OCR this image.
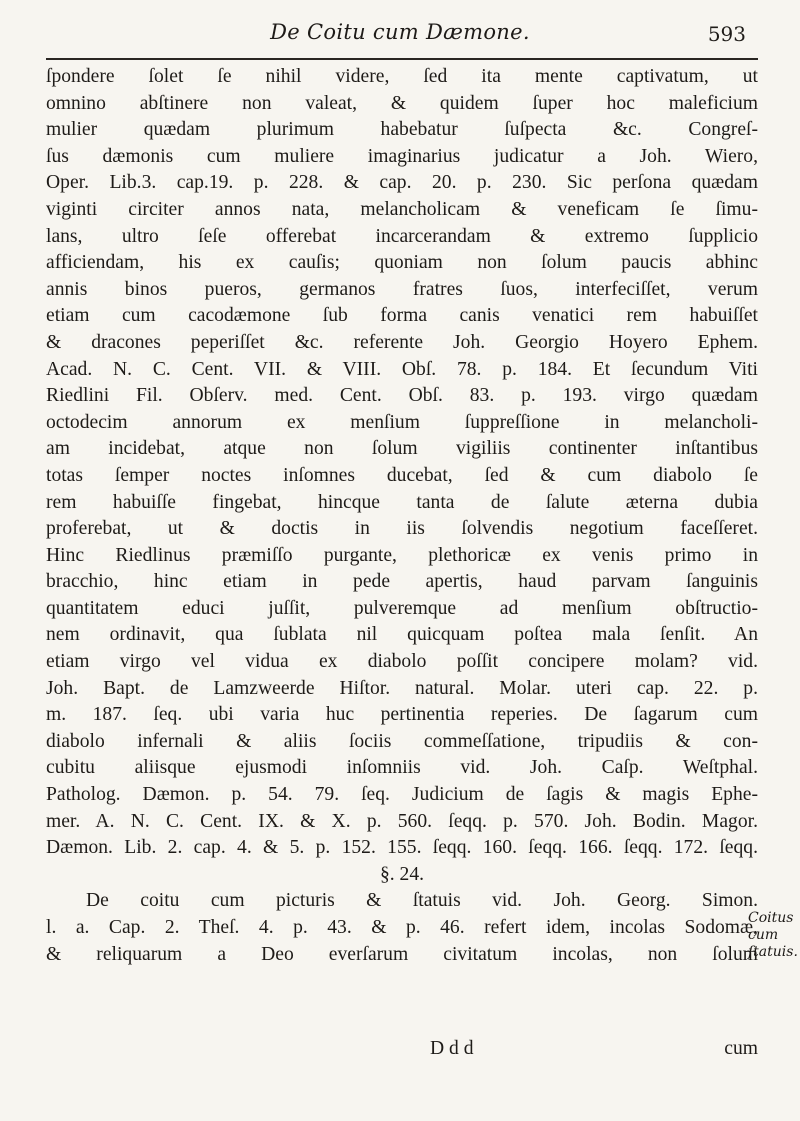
De Coitu cum Dæmone.	593
ſpondere ſolet ſe nihil videre, ſed ita mente captivatum, ut
omnino abſtinere non valeat, & quidem ſuper hoc maleficium
mulier quædam plurimum habebatur ſuſpecta &c. Congreſ-
ſus dæmonis cum muliere imaginarius judicatur a Joh. Wiero,
Oper. Lib.3. cap.19. p. 228. & cap. 20. p. 230. Sic perſona quædam
viginti circiter annos nata, melancholicam & veneficam ſe ſimu-
lans, ultro ſeſe offerebat incarcerandam & extremo ſupplicio
afficiendam, his ex cauſis; quoniam non ſolum paucis abhinc
annis binos pueros, germanos fratres ſuos, interfeciſſet, verum
etiam cum cacodæmone ſub forma canis venatici rem habuiſſet
& dracones peperiſſet &c. referente Joh. Georgio Hoyero Ephem.
Acad. N. C. Cent. VII. & VIII. Obſ. 78. p. 184. Et ſecundum Viti
Riedlini Fil. Obſerv. med. Cent. Obſ. 83. p. 193. virgo quædam
octodecim annorum ex menſium ſuppreſſione in melancholi-
am incidebat, atque non ſolum vigiliis continenter inſtantibus
totas ſemper noctes inſomnes ducebat, ſed & cum diabolo ſe
rem habuiſſe fingebat, hincque tanta de ſalute æterna dubia
proferebat, ut & doctis in iis ſolvendis negotium faceſſeret.
Hinc Riedlinus præmiſſo purgante, plethoricæ ex venis primo in
bracchio, hinc etiam in pede apertis, haud parvam ſanguinis
quantitatem educi juſſit, pulveremque ad menſium obſtructio-
nem ordinavit, qua ſublata nil quicquam poſtea mala ſenſit. An
etiam virgo vel vidua ex diabolo poſſit concipere molam? vid.
Joh. Bapt. de Lamzweerde Hiſtor. natural. Molar. uteri cap. 22. p.
m. 187. ſeq. ubi varia huc pertinentia reperies. De ſagarum cum
diabolo infernali & aliis ſociis commeſſatione, tripudiis & con-
cubitu aliisque ejusmodi inſomniis vid. Joh. Caſp. Weſtphal.
Patholog. Dæmon. p. 54. 79. ſeq. Judicium de ſagis & magis Ephe-
mer. A. N. C. Cent. IX. & X. p. 560. ſeqq. p. 570. Joh. Bodin. Magor.
Dæmon. Lib. 2. cap. 4. & 5. p. 152. 155. ſeqq. 160. ſeqq. 166. ſeqq. 172. ſeqq.
§. 24.
De coitu cum picturis & ſtatuis vid. Joh. Georg. Simon.
l. a. Cap. 2. Theſ. 4. p. 43. & p. 46. refert idem, incolas Sodomæ,
& reliquarum a Deo everſarum civitatum incolas, non ſolum
Coitus cum ſtatuis.
D d d	cum
